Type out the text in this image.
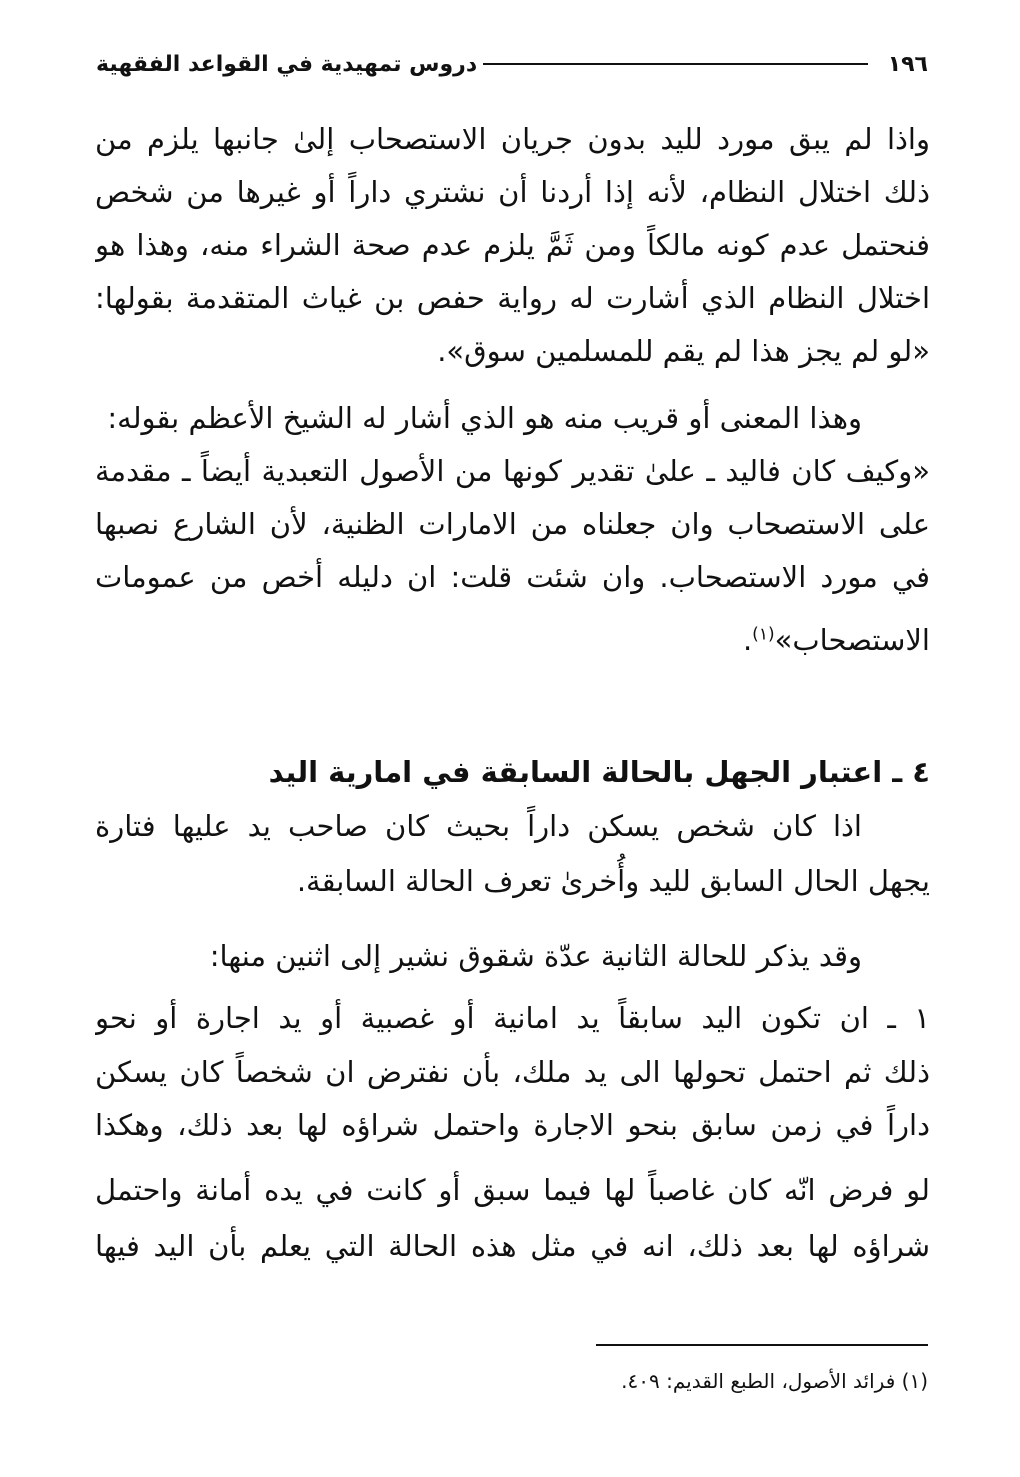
١٩٦
دروس تمهيدية في القواعد الفقهية
واذا لم يبق مورد لليد بدون جريان الاستصحاب إلىٰ جانبها يلزم من
ذلك اختلال النظام، لأنه إذا أردنا أن نشتري داراً أو غيرها من شخص
فنحتمل عدم كونه مالكاً ومن ثَمَّ يلزم عدم صحة الشراء منه، وهذا هو
اختلال النظام الذي أشارت له رواية حفص بن غياث المتقدمة بقولها:
«لو لم يجز هذا لم يقم للمسلمين سوق».
وهذا المعنى أو قريب منه هو الذي أشار له الشيخ الأعظم بقوله:
«وكيف كان فاليد ـ علىٰ تقدير كونها من الأصول التعبدية أيضاً ـ مقدمة
على الاستصحاب وان جعلناه من الامارات الظنية، لأن الشارع نصبها
في مورد الاستصحاب. وان شئت قلت: ان دليله أخص من عمومات
الاستصحاب»$^{(١)}$.
٤ ـ اعتبار الجهل بالحالة السابقة في امارية اليد
اذا كان شخص يسكن داراً بحيث كان صاحب يد عليها فتارة
يجهل الحال السابق لليد وأُخرىٰ تعرف الحالة السابقة.
وقد يذكر للحالة الثانية عدّة شقوق نشير إلى اثنين منها:
١ ـ ان تكون اليد سابقاً يد امانية أو غصبية أو يد اجارة أو نحو
ذلك ثم احتمل تحولها الى يد ملك، بأن نفترض ان شخصاً كان يسكن
داراً في زمن سابق بنحو الاجارة واحتمل شراؤه لها بعد ذلك، وهكذا
لو فرض انّه كان غاصباً لها فيما سبق أو كانت في يده أمانة واحتمل
شراؤه لها بعد ذلك، انه في مثل هذه الحالة التي يعلم بأن اليد فيها
(١) فرائد الأصول، الطبع القديم: ٤٠٩.
